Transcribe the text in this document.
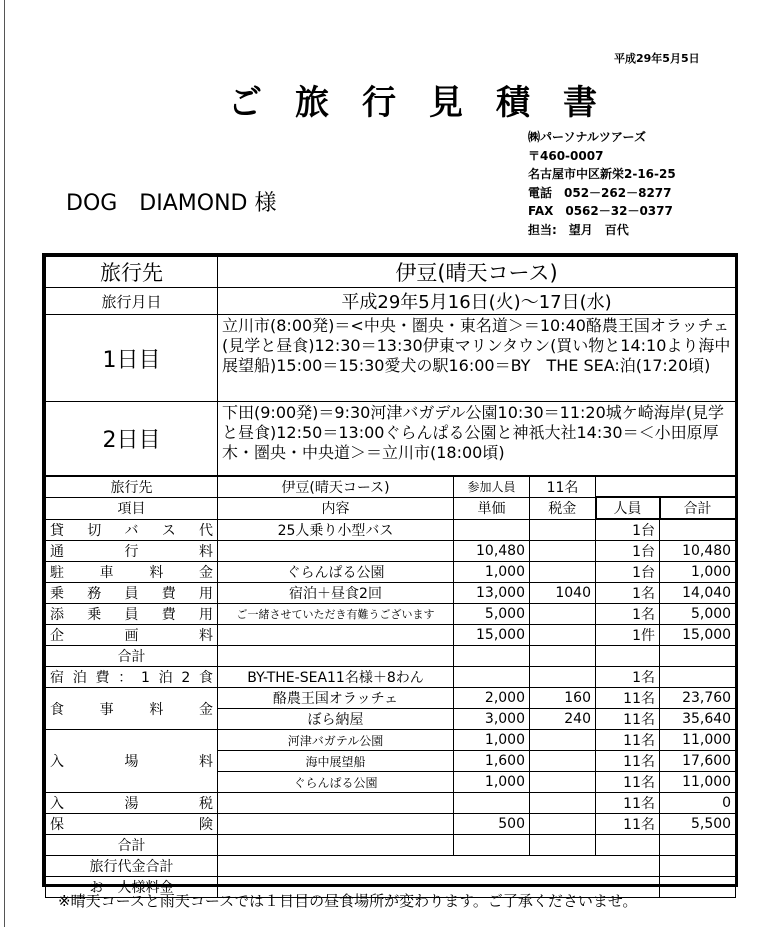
平成29年5月5日
ご旅行見積書
㈱パーソナルツアーズ
〒460-0007
名古屋市中区新栄2-16-25
電話　052－262－8277
FAX　0562－32－0377
担当:　望月　百代
DOG　DIAMOND 様
旅行先	伊豆(晴天コース)				
旅行月日	平成29年5月16日(火)～17日(水)				
1日目	立川市(8:00発)＝<中央・圏央・東名道＞＝10:40酪農王国オラッチェ(見学と昼食)12:30＝13:30伊東マリンタウン(買い物と14:10より海中展望船)15:00＝15:30愛犬の駅16:00＝BY　THE SEA:泊(17:20頃)				
2日目	下田(9:00発)＝9:30河津バガデル公園10:30＝11:20城ケ崎海岸(見学と昼食)12:50＝13:00ぐらんぱる公園と神祇大社14:30＝＜小田原厚木・圏央・中央道＞＝立川市(18:00頃)				
旅行先	伊豆(晴天コース)	参加人員	11名		
項目	内容	単価	税金	人員	合計
貸切バス代	25人乗り小型バス			1台	
通行料		10,480		1台	10,480
駐車料金	ぐらんぱる公園	1,000		1台	1,000
乗務員費用	宿泊＋昼食2回	13,000	1040	1名	14,040
添乗員費用	ご一緒させていただき有難うございます	5,000		1名	5,000
企画料		15,000		1件	15,000
合計					
宿泊費：1泊2食	BY-THE-SEA11名様＋8わん			1名	
食事料金	酪農王国オラッチェ	2,000	160	11名	23,760
	ぼら納屋	3,000	240	11名	35,640
入場料	河津バガテル公園	1,000		11名	11,000
	海中展望船	1,600		11名	17,600
	ぐらんぱる公園	1,000		11名	11,000
入湯税				11名	0
保険		500		11名	5,500
合計					
旅行代金合計					
お一人様料金					
※晴天コースと雨天コースでは１日目の昼食場所が変わります。ご了承くださいませ。
